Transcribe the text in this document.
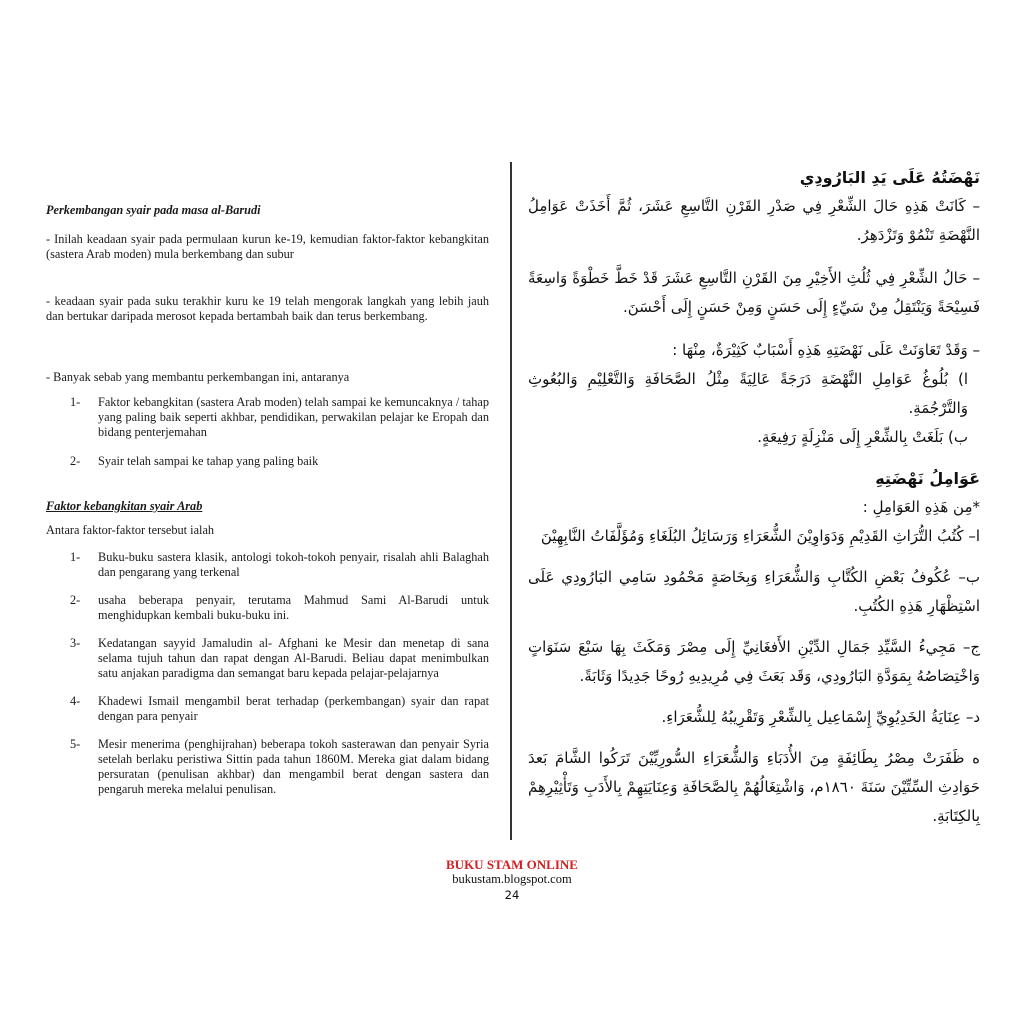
Perkembangan syair pada masa al-Barudi

- Inilah keadaan syair pada permulaan kurun ke-19, kemudian faktor-faktor kebangkitan (sastera Arab moden) mula berkembang dan subur

- keadaan syair pada suku terakhir kuru ke 19 telah mengorak langkah yang lebih jauh dan bertukar daripada merosot kepada bertambah baik dan terus berkembang.

- Banyak sebab yang membantu perkembangan ini, antaranya

1-	Faktor kebangkitan (sastera Arab moden) telah sampai ke kemuncaknya / tahap yang paling baik seperti akhbar, pendidikan, perwakilan pelajar ke Eropah dan bidang penterjemahan
2-	Syair telah sampai ke tahap yang paling baik

Faktor kebangkitan syair Arab

Antara faktor-faktor tersebut ialah

1-	Buku-buku sastera klasik, antologi tokoh-tokoh penyair, risalah ahli Balaghah dan pengarang yang terkenal
2-	usaha beberapa penyair, terutama Mahmud Sami Al-Barudi untuk menghidupkan kembali buku-buku ini.
3-	Kedatangan sayyid Jamaludin al- Afghani ke Mesir dan menetap di sana selama tujuh tahun dan rapat dengan Al-Barudi. Beliau dapat menimbulkan satu anjakan paradigma dan semangat baru kepada pelajar-pelajarnya
4-	Khadewi Ismail mengambil berat terhadap (perkembangan) syair dan rapat dengan para penyair
5-	Mesir menerima (penghijrahan) beberapa tokoh sasterawan dan penyair Syria setelah berlaku peristiwa Sittin pada tahun 1860M. Mereka giat dalam bidang persuratan (penulisan akhbar) dan mengambil berat dengan sastera dan pengaruh mereka melalui penulisan.

نَهْضَتُهُ عَلَى يَدِ البَارُودِي

– كَانَتْ هَذِهِ حَالَ الشِّعْرِ فِي صَدْرِ القَرْنِ التَّاسِعِ عَشَرَ، ثُمَّ أَخَذَتْ عَوَامِلُ النَّهْضَةِ تَنْمُوْ وَتَزْدَهِرُ.

– حَالُ الشِّعْرِ فِي ثُلُثِ الأَخِيْرِ مِنَ القَرْنِ التَّاسِعِ عَشَرَ قَدْ خَطَّ خَطْوَةً وَاسِعَةً فَسِيْحَةً وَيَنْتَقِلُ مِنْ سَيِّءٍ إِلَى حَسَنٍ وَمِنْ حَسَنٍ إِلَى أَحْسَنَ.

– وَقَدْ تَعَاوَنَتْ عَلَى نَهْضَتِهِ هَذِهِ أَسْبَابٌ كَثِيْرَةٌ، مِنْهَا :

ا) بُلُوغُ عَوَامِلِ النَّهْضَةِ دَرَجَةً عَالِيَةً مِثْلُ الصَّحَافَةِ وَالتَّعْلِيْمِ وَالبُعُوثِ وَالتَّرْجُمَةِ.

ب) بَلَغَتْ بِالشِّعْرِ إِلَى مَنْزِلَةٍ رَفِيعَةٍ.

عَوَامِلُ نَهْضَتِهِ

*مِن هَذِهِ العَوَامِلِ :

ا– كُتُبُ التُّرَاثِ القَدِيْمِ وَدَوَاوِيْنَ الشُّعَرَاءِ وَرَسَائِلُ البُلَغَاءِ وَمُؤَلَّفَاتُ النَّابِهِيْنَ

ب– عُكُوفُ بَعْضِ الكُتَّابِ وَالشُّعَرَاءِ وَبِخَاصَةٍ مَحْمُودِ سَامِي البَارُودِي عَلَى اسْتِظْهَارِ هَذِهِ الكُتُبِ.

ج– مَجِيءُ السَّيِّدِ جَمَالِ الدِّيْنِ الأَفغَانِيِّ إِلَى مِصْرَ وَمَكَثَ بِهَا سَبْعَ سَنَوَاتٍ وَاخْتِصَاصُهُ بِمَوَدَّةِ البَارُودِي، وَقَد بَعَثَ فِي مُرِيدِيهِ رُوحًا جَدِيدًا وَثَابَةً.

د– عِنَايَةُ الخَدِيُوِيِّ إِسْمَاعِيل بِالشِّعْرِ وَتَقْرِيبُهُ لِلشُّعَرَاءِ.

ه ظَفَرَتْ مِصْرُ بِطَائِفَةٍ مِنَ الأُدَبَاءِ وَالشُّعَرَاءِ السُّورِيِّيْنَ تَرَكُوا الشَّامَ بَعدَ حَوَادِثِ السِّتِّيْنَ سَنَةَ ١٨٦٠م، وَاشْتِغَالُهُمْ بِالصَّحَافَةِ وَعِنَايَتِهِمْ بِالأَدَبِ وَتَأْثِيْرِهِمْ بِالكِتَابَةِ.

BUKU STAM ONLINE
bukustam.blogspot.com
24
